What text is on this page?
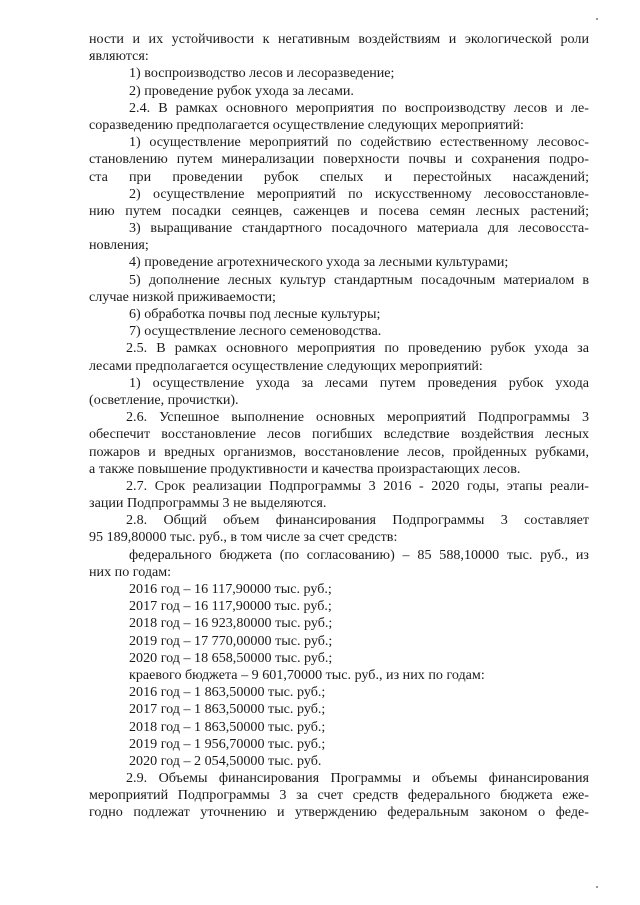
ности и их устойчивости к негативным воздействиям и экологической роли
являются:
1) воспроизводство лесов и лесоразведение;
2) проведение рубок ухода за лесами.
2.4. В рамках основного мероприятия по воспроизводству лесов и ле-
соразведению предполагается осуществление следующих мероприятий:
1) осуществление мероприятий по содействию естественному лесовос-
становлению путем минерализации поверхности почвы и сохранения подро-
ста при проведении рубок спелых и перестойных насаждений;
2) осуществление мероприятий по искусственному лесовосстановле-
нию путем посадки сеянцев, саженцев и посева семян лесных растений;
3) выращивание стандартного посадочного материала для лесовосста-
новления;
4) проведение агротехнического ухода за лесными культурами;
5) дополнение лесных культур стандартным посадочным материалом в
случае низкой приживаемости;
6) обработка почвы под лесные культуры;
7) осуществление лесного семеноводства.
2.5. В рамках основного мероприятия по проведению рубок ухода за
лесами предполагается осуществление следующих мероприятий:
1) осуществление ухода за лесами путем проведения рубок ухода
(осветление, прочистки).
2.6. Успешное выполнение основных мероприятий Подпрограммы 3
обеспечит восстановление лесов погибших вследствие воздействия лесных
пожаров и вредных организмов, восстановление лесов, пройденных рубками,
а также повышение продуктивности и качества произрастающих лесов.
2.7. Срок реализации Подпрограммы 3 2016 - 2020 годы, этапы реали-
зации Подпрограммы 3 не выделяются.
2.8. Общий объем финансирования Подпрограммы 3 составляет
95 189,80000 тыс. руб., в том числе за счет средств:
федерального бюджета (по согласованию) – 85 588,10000 тыс. руб., из
них по годам:
2016 год – 16 117,90000 тыс. руб.;
2017 год – 16 117,90000 тыс. руб.;
2018 год – 16 923,80000 тыс. руб.;
2019 год – 17 770,00000 тыс. руб.;
2020 год – 18 658,50000 тыс. руб.;
краевого бюджета – 9 601,70000 тыс. руб., из них по годам:
2016 год – 1 863,50000 тыс. руб.;
2017 год – 1 863,50000 тыс. руб.;
2018 год – 1 863,50000 тыс. руб.;
2019 год – 1 956,70000 тыс. руб.;
2020 год – 2 054,50000 тыс. руб.
2.9. Объемы финансирования Программы и объемы финансирования
мероприятий Подпрограммы 3 за счет средств федерального бюджета еже-
годно подлежат уточнению и утверждению федеральным законом о феде-
